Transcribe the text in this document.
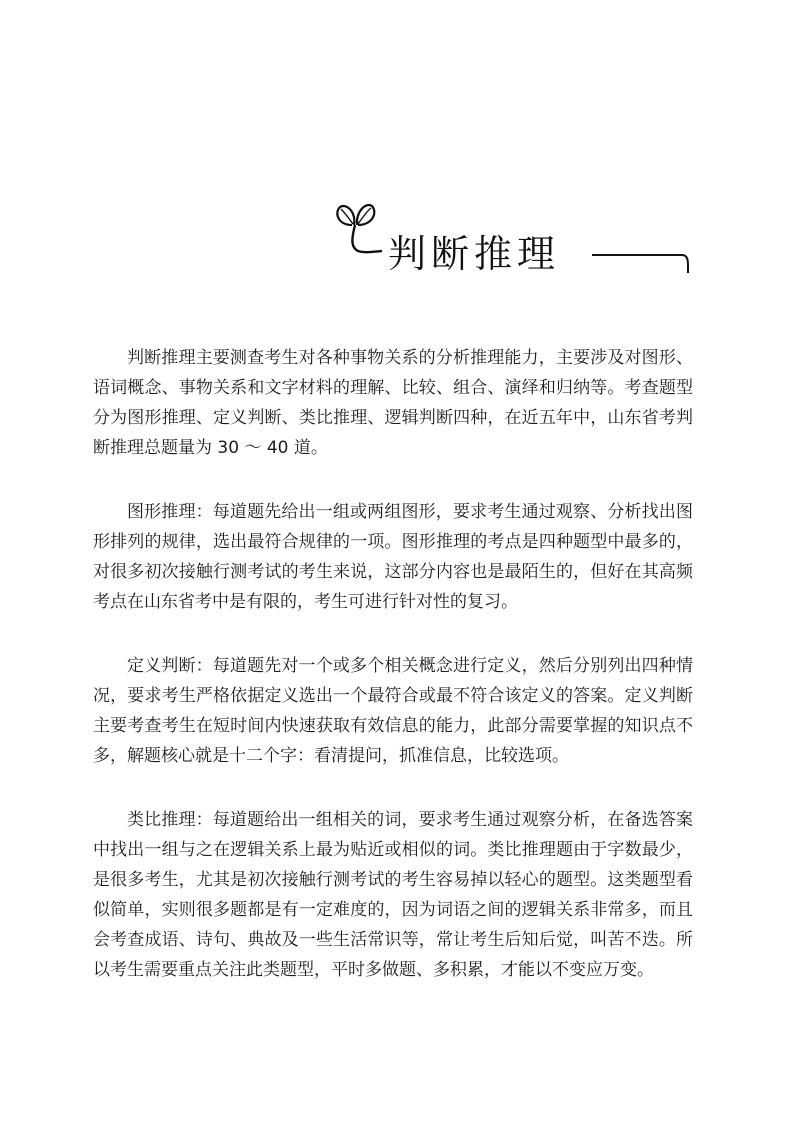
判断推理

判断推理主要测查考生对各种事物关系的分析推理能力，主要涉及对图形、语词概念、事物关系和文字材料的理解、比较、组合、演绎和归纳等。考查题型分为图形推理、定义判断、类比推理、逻辑判断四种，在近五年中，山东省考判断推理总题量为 30 ～ 40 道。

图形推理：每道题先给出一组或两组图形，要求考生通过观察、分析找出图形排列的规律，选出最符合规律的一项。图形推理的考点是四种题型中最多的，对很多初次接触行测考试的考生来说，这部分内容也是最陌生的，但好在其高频考点在山东省考中是有限的，考生可进行针对性的复习。

定义判断：每道题先对一个或多个相关概念进行定义，然后分别列出四种情况，要求考生严格依据定义选出一个最符合或最不符合该定义的答案。定义判断主要考查考生在短时间内快速获取有效信息的能力，此部分需要掌握的知识点不多，解题核心就是十二个字：看清提问，抓准信息，比较选项。

类比推理：每道题给出一组相关的词，要求考生通过观察分析，在备选答案中找出一组与之在逻辑关系上最为贴近或相似的词。类比推理题由于字数最少，是很多考生，尤其是初次接触行测考试的考生容易掉以轻心的题型。这类题型看似简单，实则很多题都是有一定难度的，因为词语之间的逻辑关系非常多，而且会考查成语、诗句、典故及一些生活常识等，常让考生后知后觉，叫苦不迭。所以考生需要重点关注此类题型，平时多做题、多积累，才能以不变应万变。
